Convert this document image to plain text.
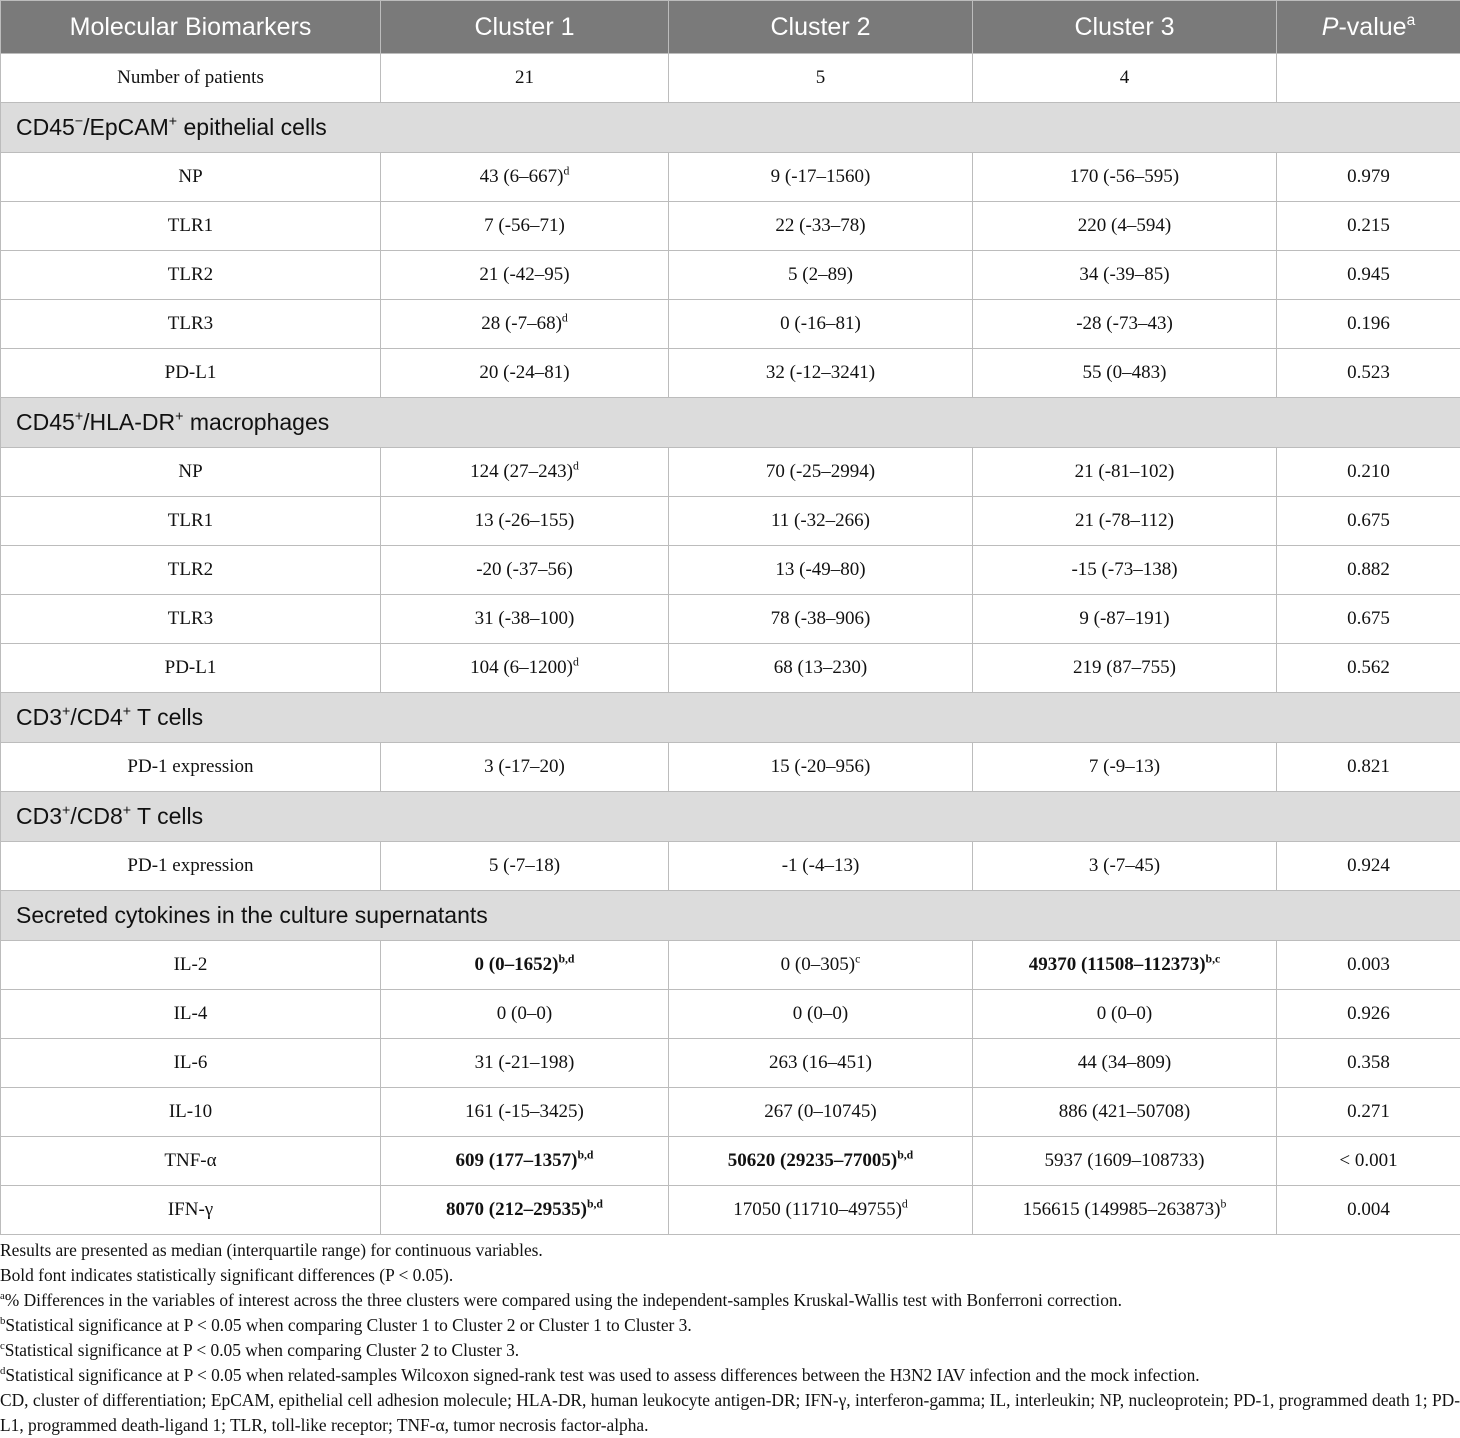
Molecular Biomarkers	Cluster 1	Cluster 2	Cluster 3	P-value$^a$
Number of patients	21	5	4	
CD45−/EpCAM+ epithelial cells				
NP	43 $(6-667)^d$	9 (-17–1560)	170 (-56–595)	0.979
TLR1	7 (-56–71)	22 (-33–78)	220 (4–594)	0.215
TLR2	21 (-42–95)	5 (2–89)	34 (-39–85)	0.945
TLR3	28 $(-7-68)^d$	0 (-16–81)	-28 (-73–43)	0.196
PD-L1	20 (-24–81)	32 (-12–3241)	55 (0–483)	0.523
CD45+/HLA-DR+ macrophages				
NP	124 $(27-243)^d$	70 (-25–2994)	21 (-81–102)	0.210
TLR1	13 (-26–155)	11 (-32–266)	21 (-78–112)	0.675
TLR2	-20 (-37–56)	13 (-49–80)	-15 (-73–138)	0.882
TLR3	31 (-38–100)	78 (-38–906)	9 (-87–191)	0.675
PD-L1	104 $(6-1200)^d$	68 (13–230)	219 (87–755)	0.562
CD3+/CD4+ T cells				
PD-1 expression	3 (-17–20)	15 (-20–956)	7 (-9–13)	0.821
CD3+/CD8+ T cells				
PD-1 expression	5 (-7–18)	-1 (-4–13)	3 (-7–45)	0.924
Secreted cytokines in the culture supernatants				
IL-2	0 $(0-1652)^{b,d}$	0 $(0-305)^c$	49370 $(11508-112373)^{b,c}$	0.003
IL-4	0 (0–0)	0 (0–0)	0 (0–0)	0.926
IL-6	31 (-21–198)	263 (16–451)	44 (34–809)	0.358
IL-10	161 (-15–3425)	267 (0–10745)	886 (421–50708)	0.271
TNF-α	609 $(177-1357)^{b,d}$	50620 $(29235-77005)^{b,d}$	5937 (1609–108733)	< 0.001
IFN-γ	8070 $(212-29535)^{b,d}$	17050 $(11710-49755)^d$	156615 $(149985-263873)^b$	0.004

Results are presented as median (interquartile range) for continuous variables.

Bold font indicates statistically significant differences (P < 0.05).

$^a$% Differences in the variables of interest across the three clusters were compared using the independent-samples Kruskal-Wallis test with Bonferroni correction.

$^b$Statistical significance at P < 0.05 when comparing Cluster 1 to Cluster 2 or Cluster 1 to Cluster 3.

$^c$Statistical significance at P < 0.05 when comparing Cluster 2 to Cluster 3.

$^d$Statistical significance at P < 0.05 when related-samples Wilcoxon signed-rank test was used to assess differences between the H3N2 IAV infection and the mock infection.

CD, cluster of differentiation; EpCAM, epithelial cell adhesion molecule; HLA-DR, human leukocyte antigen-DR; IFN-γ, interferon-gamma; IL, interleukin; NP, nucleoprotein; PD-1, programmed death 1; PD-L1, programmed death-ligand 1; TLR, toll-like receptor; TNF-α, tumor necrosis factor-alpha.
